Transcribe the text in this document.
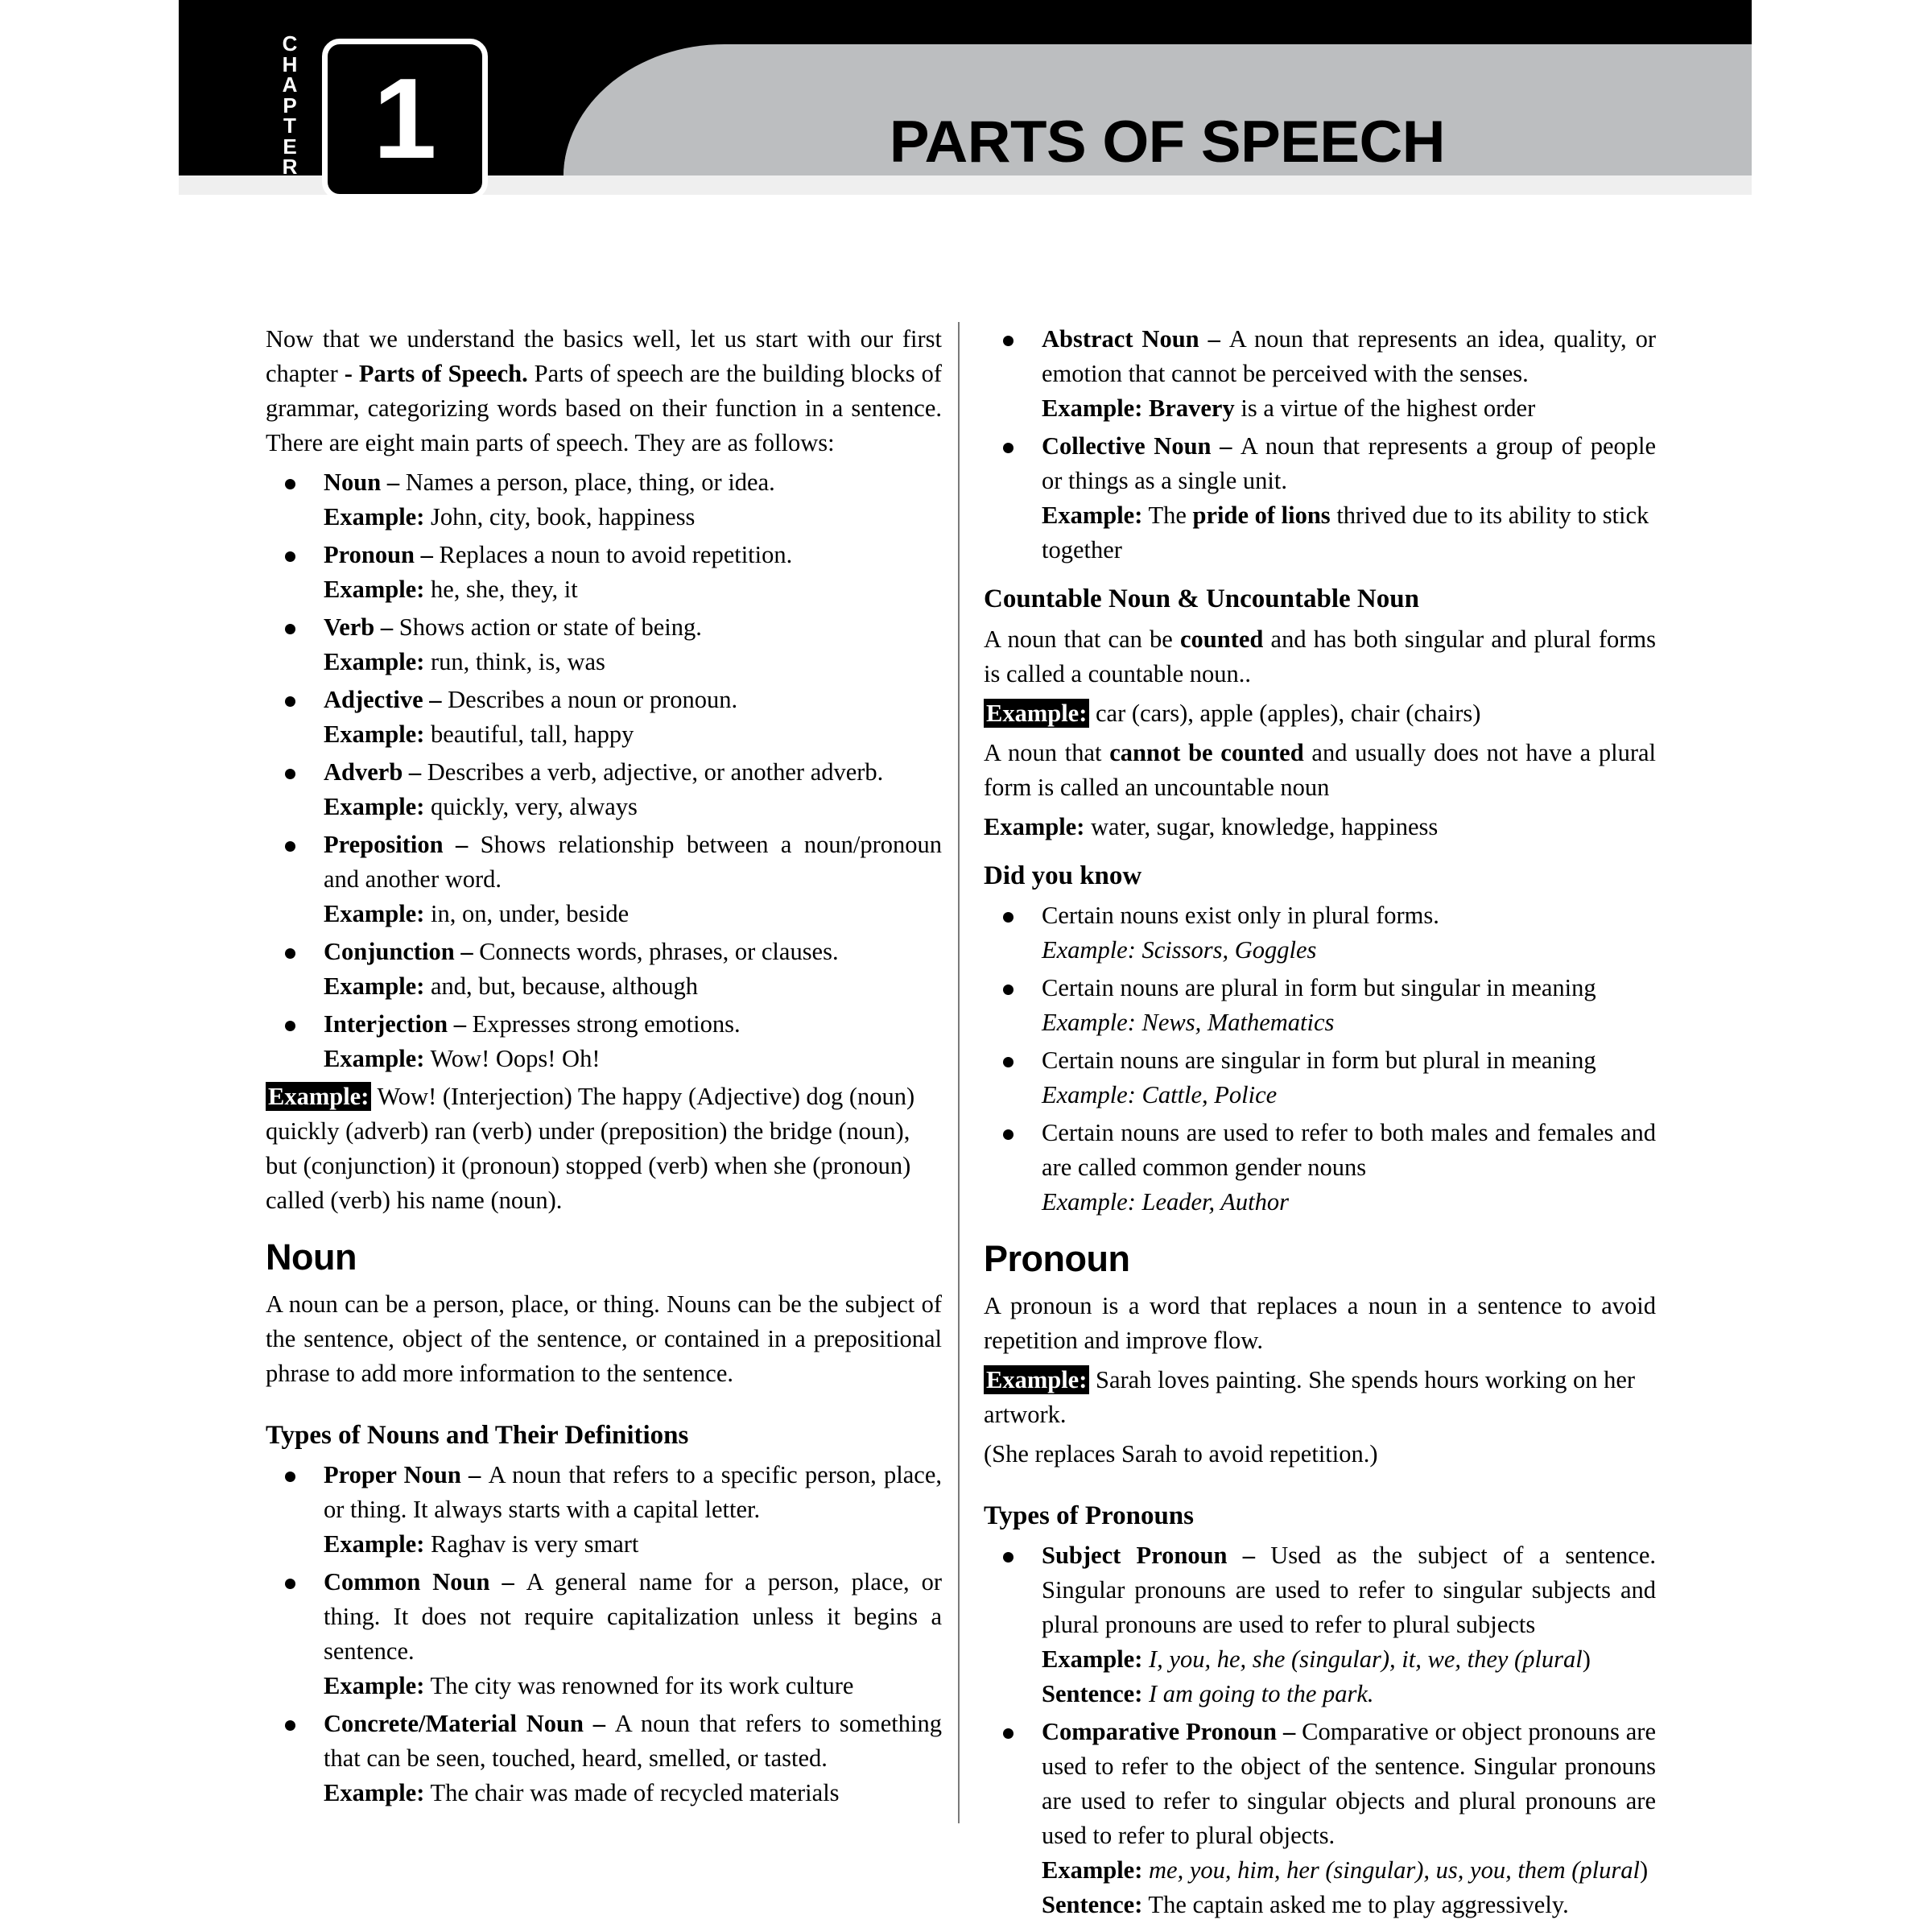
C
H
A
P
T
E
R 1	PARTS OF SPEECH

Now that we understand the basics well, let us start with our first chapter - Parts of Speech. Parts of speech are the building blocks of grammar, categorizing words based on their function in a sentence. There are eight main parts of speech. They are as follows:

Noun – Names a person, place, thing, or idea.
Example: John, city, book, happiness
Pronoun – Replaces a noun to avoid repetition.
Example: he, she, they, it
Verb – Shows action or state of being.
Example: run, think, is, was
Adjective – Describes a noun or pronoun.
Example: beautiful, tall, happy
Adverb – Describes a verb, adjective, or another adverb.
Example: quickly, very, always
Preposition – Shows relationship between a noun/pronoun and another word.
Example: in, on, under, beside
Conjunction – Connects words, phrases, or clauses.
Example: and, but, because, although
Interjection – Expresses strong emotions.
Example: Wow! Oops! Oh!

Example: Wow! (Interjection) The happy (Adjective) dog (noun) quickly (adverb) ran (verb) under (preposition) the bridge (noun), but (conjunction) it (pronoun) stopped (verb) when she (pronoun) called (verb) his name (noun).

Noun

A noun can be a person, place, or thing. Nouns can be the subject of the sentence, object of the sentence, or contained in a prepositional phrase to add more information to the sentence.

Types of Nouns and Their Definitions
Proper Noun – A noun that refers to a specific person, place, or thing. It always starts with a capital letter.
Example: Raghav is very smart
Common Noun – A general name for a person, place, or thing. It does not require capitalization unless it begins a sentence.
Example: The city was renowned for its work culture
Concrete/Material Noun – A noun that refers to something that can be seen, touched, heard, smelled, or tasted.
Example: The chair was made of recycled materials
Abstract Noun – A noun that represents an idea, quality, or emotion that cannot be perceived with the senses.
Example: Bravery is a virtue of the highest order
Collective Noun – A noun that represents a group of people or things as a single unit.
Example: The pride of lions thrived due to its ability to stick together
Countable Noun & Uncountable Noun

A noun that can be counted and has both singular and plural forms is called a countable noun..

Example: car (cars), apple (apples), chair (chairs)

A noun that cannot be counted and usually does not have a plural form is called an uncountable noun

Example: water, sugar, knowledge, happiness

Did you know
Certain nouns exist only in plural forms.
Example: Scissors, Goggles
Certain nouns are plural in form but singular in meaning
Example: News, Mathematics
Certain nouns are singular in form but plural in meaning
Example: Cattle, Police
Certain nouns are used to refer to both males and females and are called common gender nouns
Example: Leader, Author
Pronoun

A pronoun is a word that replaces a noun in a sentence to avoid repetition and improve flow.

Example: Sarah loves painting. She spends hours working on her artwork.

(She replaces Sarah to avoid repetition.)

Types of Pronouns
Subject Pronoun – Used as the subject of a sentence. Singular pronouns are used to refer to singular subjects and plural pronouns are used to refer to plural subjects
Example: I, you, he, she (singular), it, we, they (plural)
Sentence: I am going to the park.
Comparative Pronoun – Comparative or object pronouns are used to refer to the object of the sentence. Singular pronouns are used to refer to singular objects and plural pronouns are used to refer to plural objects.
Example: me, you, him, her (singular), us, you, them (plural)
Sentence: The captain asked me to play aggressively.
